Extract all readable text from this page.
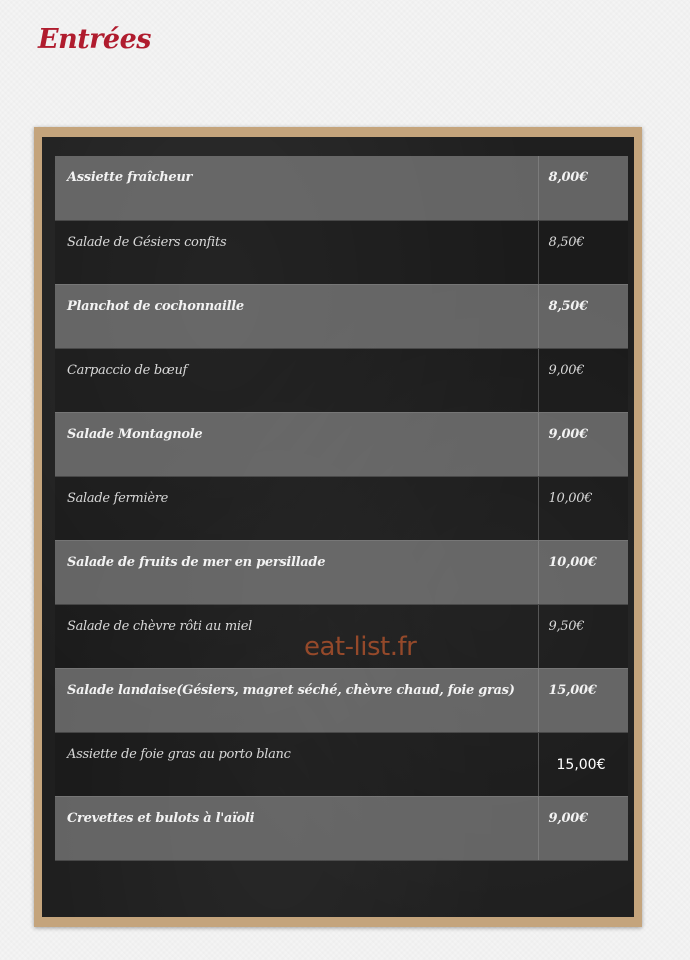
Entrées
Assiette fraîcheur	8,00€
Salade de Gésiers confits	8,50€
Planchot de cochonnaille	8,50€
Carpaccio de bœuf	9,00€
Salade Montagnole	9,00€
Salade fermière	10,00€
Salade de fruits de mer en persillade	10,00€
Salade de chèvre rôti au miel	9,50€
Salade landaise(Gésiers, magret séché, chèvre chaud, foie gras)	15,00€
Assiette de foie gras au porto blanc	15,00€
Crevettes et bulots à l'aïoli	9,00€
eat-list.fr
